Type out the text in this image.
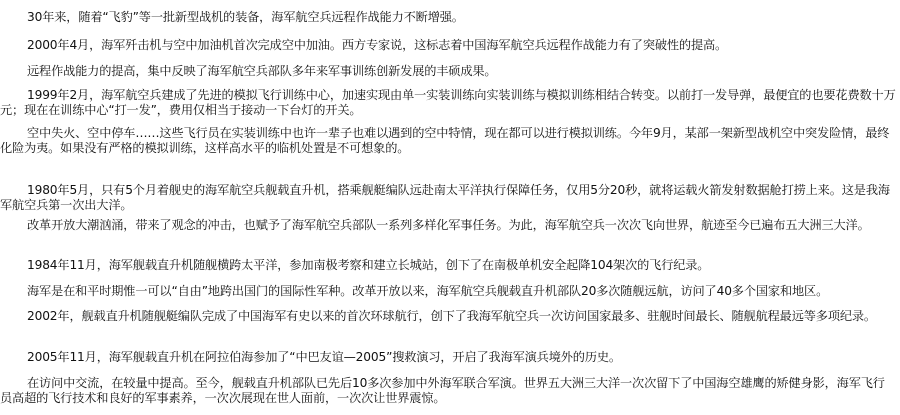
30年来，随着“飞豹”等一批新型战机的装备，海军航空兵远程作战能力不断增强。

2000年4月，海军歼击机与空中加油机首次完成空中加油。西方专家说，这标志着中国海军航空兵远程作战能力有了突破性的提高。

远程作战能力的提高，集中反映了海军航空兵部队多年来军事训练创新发展的丰硕成果。

1999年2月，海军航空兵建成了先进的模拟飞行训练中心，加速实现由单一实装训练向实装训练与模拟训练相结合转变。以前打一发导弹，最便宜的也要花费数十万元；现在在训练中心“打一发”，费用仅相当于接动一下台灯的开关。

空中失火、空中停车……这些飞行员在实装训练中也许一辈子也难以遇到的空中特情，现在都可以进行模拟训练。今年9月，某部一架新型战机空中突发险情，最终化险为夷。如果没有严格的模拟训练，这样高水平的临机处置是不可想象的。

1980年5月，只有5个月着舰史的海军航空兵舰载直升机，搭乘舰艇编队远赴南太平洋执行保障任务，仅用5分20秒，就将运载火箭发射数据舱打捞上来。这是我海军航空兵第一次出大洋。

改革开放大潮汹涌，带来了观念的冲击，也赋予了海军航空兵部队一系列多样化军事任务。为此，海军航空兵一次次飞向世界，航迹至今已遍布五大洲三大洋。

1984年11月，海军舰载直升机随舰横跨太平洋，参加南极考察和建立长城站，创下了在南极单机安全起降104架次的飞行纪录。

海军是在和平时期惟一可以“自由”地跨出国门的国际性军种。改革开放以来，海军航空兵舰载直升机部队20多次随舰远航，访问了40多个国家和地区。

2002年，舰载直升机随舰艇编队完成了中国海军有史以来的首次环球航行，创下了我海军航空兵一次访问国家最多、驻舰时间最长、随舰航程最远等多项纪录。

2005年11月，海军舰载直升机在阿拉伯海参加了“中巴友谊—2005”搜救演习，开启了我海军演兵境外的历史。

在访问中交流，在较量中提高。至今，舰载直升机部队已先后10多次参加中外海军联合军演。世界五大洲三大洋一次次留下了中国海空雄鹰的矫健身影，海军飞行员高超的飞行技术和良好的军事素养，一次次展现在世人面前，一次次让世界震惊。
